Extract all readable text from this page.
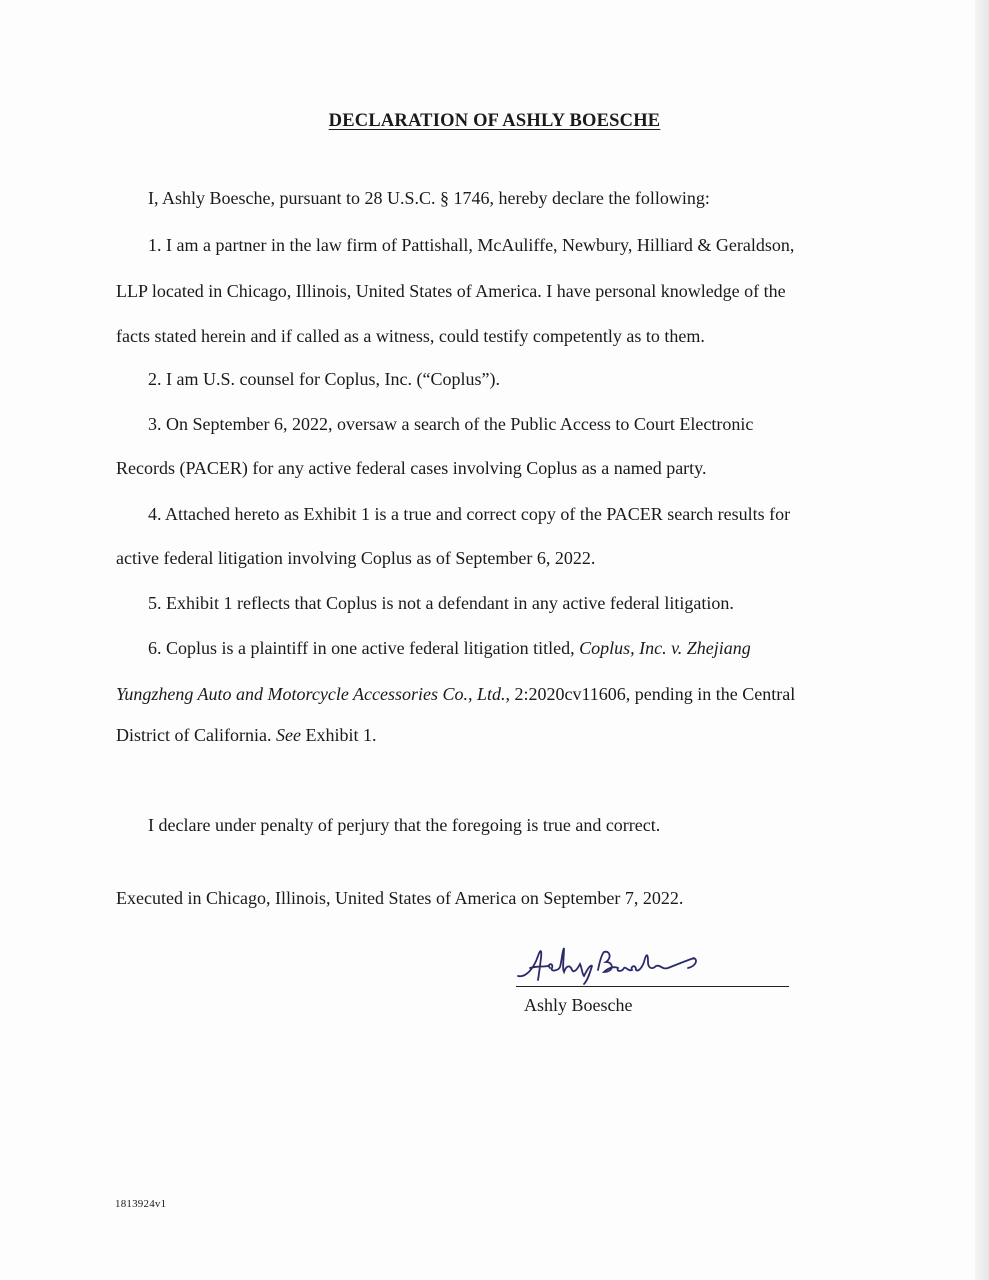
DECLARATION OF ASHLY BOESCHE
I, Ashly Boesche, pursuant to 28 U.S.C. § 1746, hereby declare the following:
1. I am a partner in the law firm of Pattishall, McAuliffe, Newbury, Hilliard & Geraldson,
LLP located in Chicago, Illinois, United States of America. I have personal knowledge of the
facts stated herein and if called as a witness, could testify competently as to them.
2. I am U.S. counsel for Coplus, Inc. (“Coplus”).
3. On September 6, 2022, oversaw a search of the Public Access to Court Electronic
Records (PACER) for any active federal cases involving Coplus as a named party.
4. Attached hereto as Exhibit 1 is a true and correct copy of the PACER search results for
active federal litigation involving Coplus as of September 6, 2022.
5. Exhibit 1 reflects that Coplus is not a defendant in any active federal litigation.
6. Coplus is a plaintiff in one active federal litigation titled, Coplus, Inc. v. Zhejiang
Yungzheng Auto and Motorcycle Accessories Co., Ltd., 2:2020cv11606, pending in the Central
District of California. See Exhibit 1.
I declare under penalty of perjury that the foregoing is true and correct.
Executed in Chicago, Illinois, United States of America on September 7, 2022.
Ashly Boesche
1813924v1
